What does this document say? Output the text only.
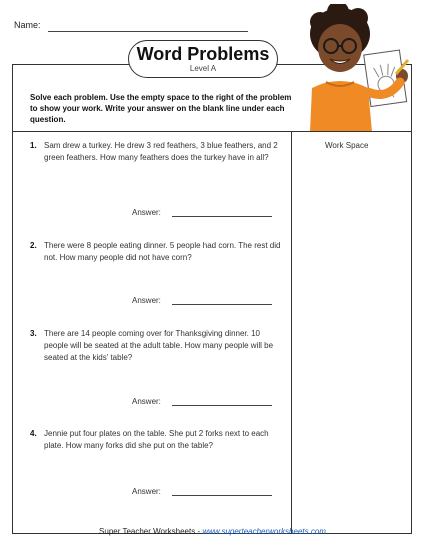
Name:
Word Problems
Level A
Solve each problem. Use the empty space to the right of the problem to show your work. Write your answer on the blank line under each question.
Work Space
1. Sam drew a turkey. He drew 3 red feathers, 3 blue feathers, and 2 green feathers. How many feathers does the turkey have in all?
Answer:
2. There were 8 people eating dinner. 5 people had corn. The rest did not. How many people did not have corn?
Answer:
3. There are 14 people coming over for Thanksgiving dinner. 10 people will be seated at the adult table. How many people will be seated at the kids' table?
Answer:
4. Jennie put four plates on the table. She put 2 forks next to each plate. How many forks did she put on the table?
Answer:
Super Teacher Worksheets - www.superteacherworksheets.com
